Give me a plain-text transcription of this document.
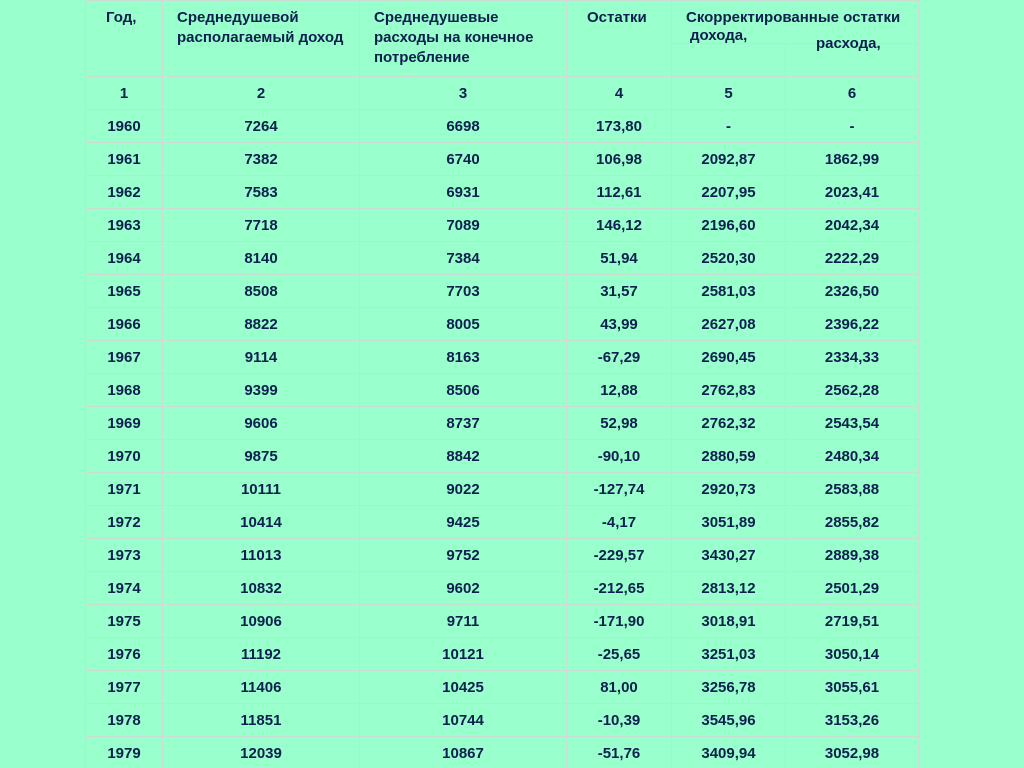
Год,	Среднедушевой располагаемый доход	Среднедушевые расходы на конечное потребление	Остатки	Скорректированные остатки
дохода,	

					расхода,
1	2	3	4	5	6
1960	7264	6698	173,80	-	-
1961	7382	6740	106,98	2092,87	1862,99
1962	7583	6931	112,61	2207,95	2023,41
1963	7718	7089	146,12	2196,60	2042,34
1964	8140	7384	51,94	2520,30	2222,29
1965	8508	7703	31,57	2581,03	2326,50
1966	8822	8005	43,99	2627,08	2396,22
1967	9114	8163	-67,29	2690,45	2334,33
1968	9399	8506	12,88	2762,83	2562,28
1969	9606	8737	52,98	2762,32	2543,54
1970	9875	8842	-90,10	2880,59	2480,34
1971	10111	9022	-127,74	2920,73	2583,88
1972	10414	9425	-4,17	3051,89	2855,82
1973	11013	9752	-229,57	3430,27	2889,38
1974	10832	9602	-212,65	2813,12	2501,29
1975	10906	9711	-171,90	3018,91	2719,51
1976	11192	10121	-25,65	3251,03	3050,14
1977	11406	10425	81,00	3256,78	3055,61
1978	11851	10744	-10,39	3545,96	3153,26
1979	12039	10867	-51,76	3409,94	3052,98
